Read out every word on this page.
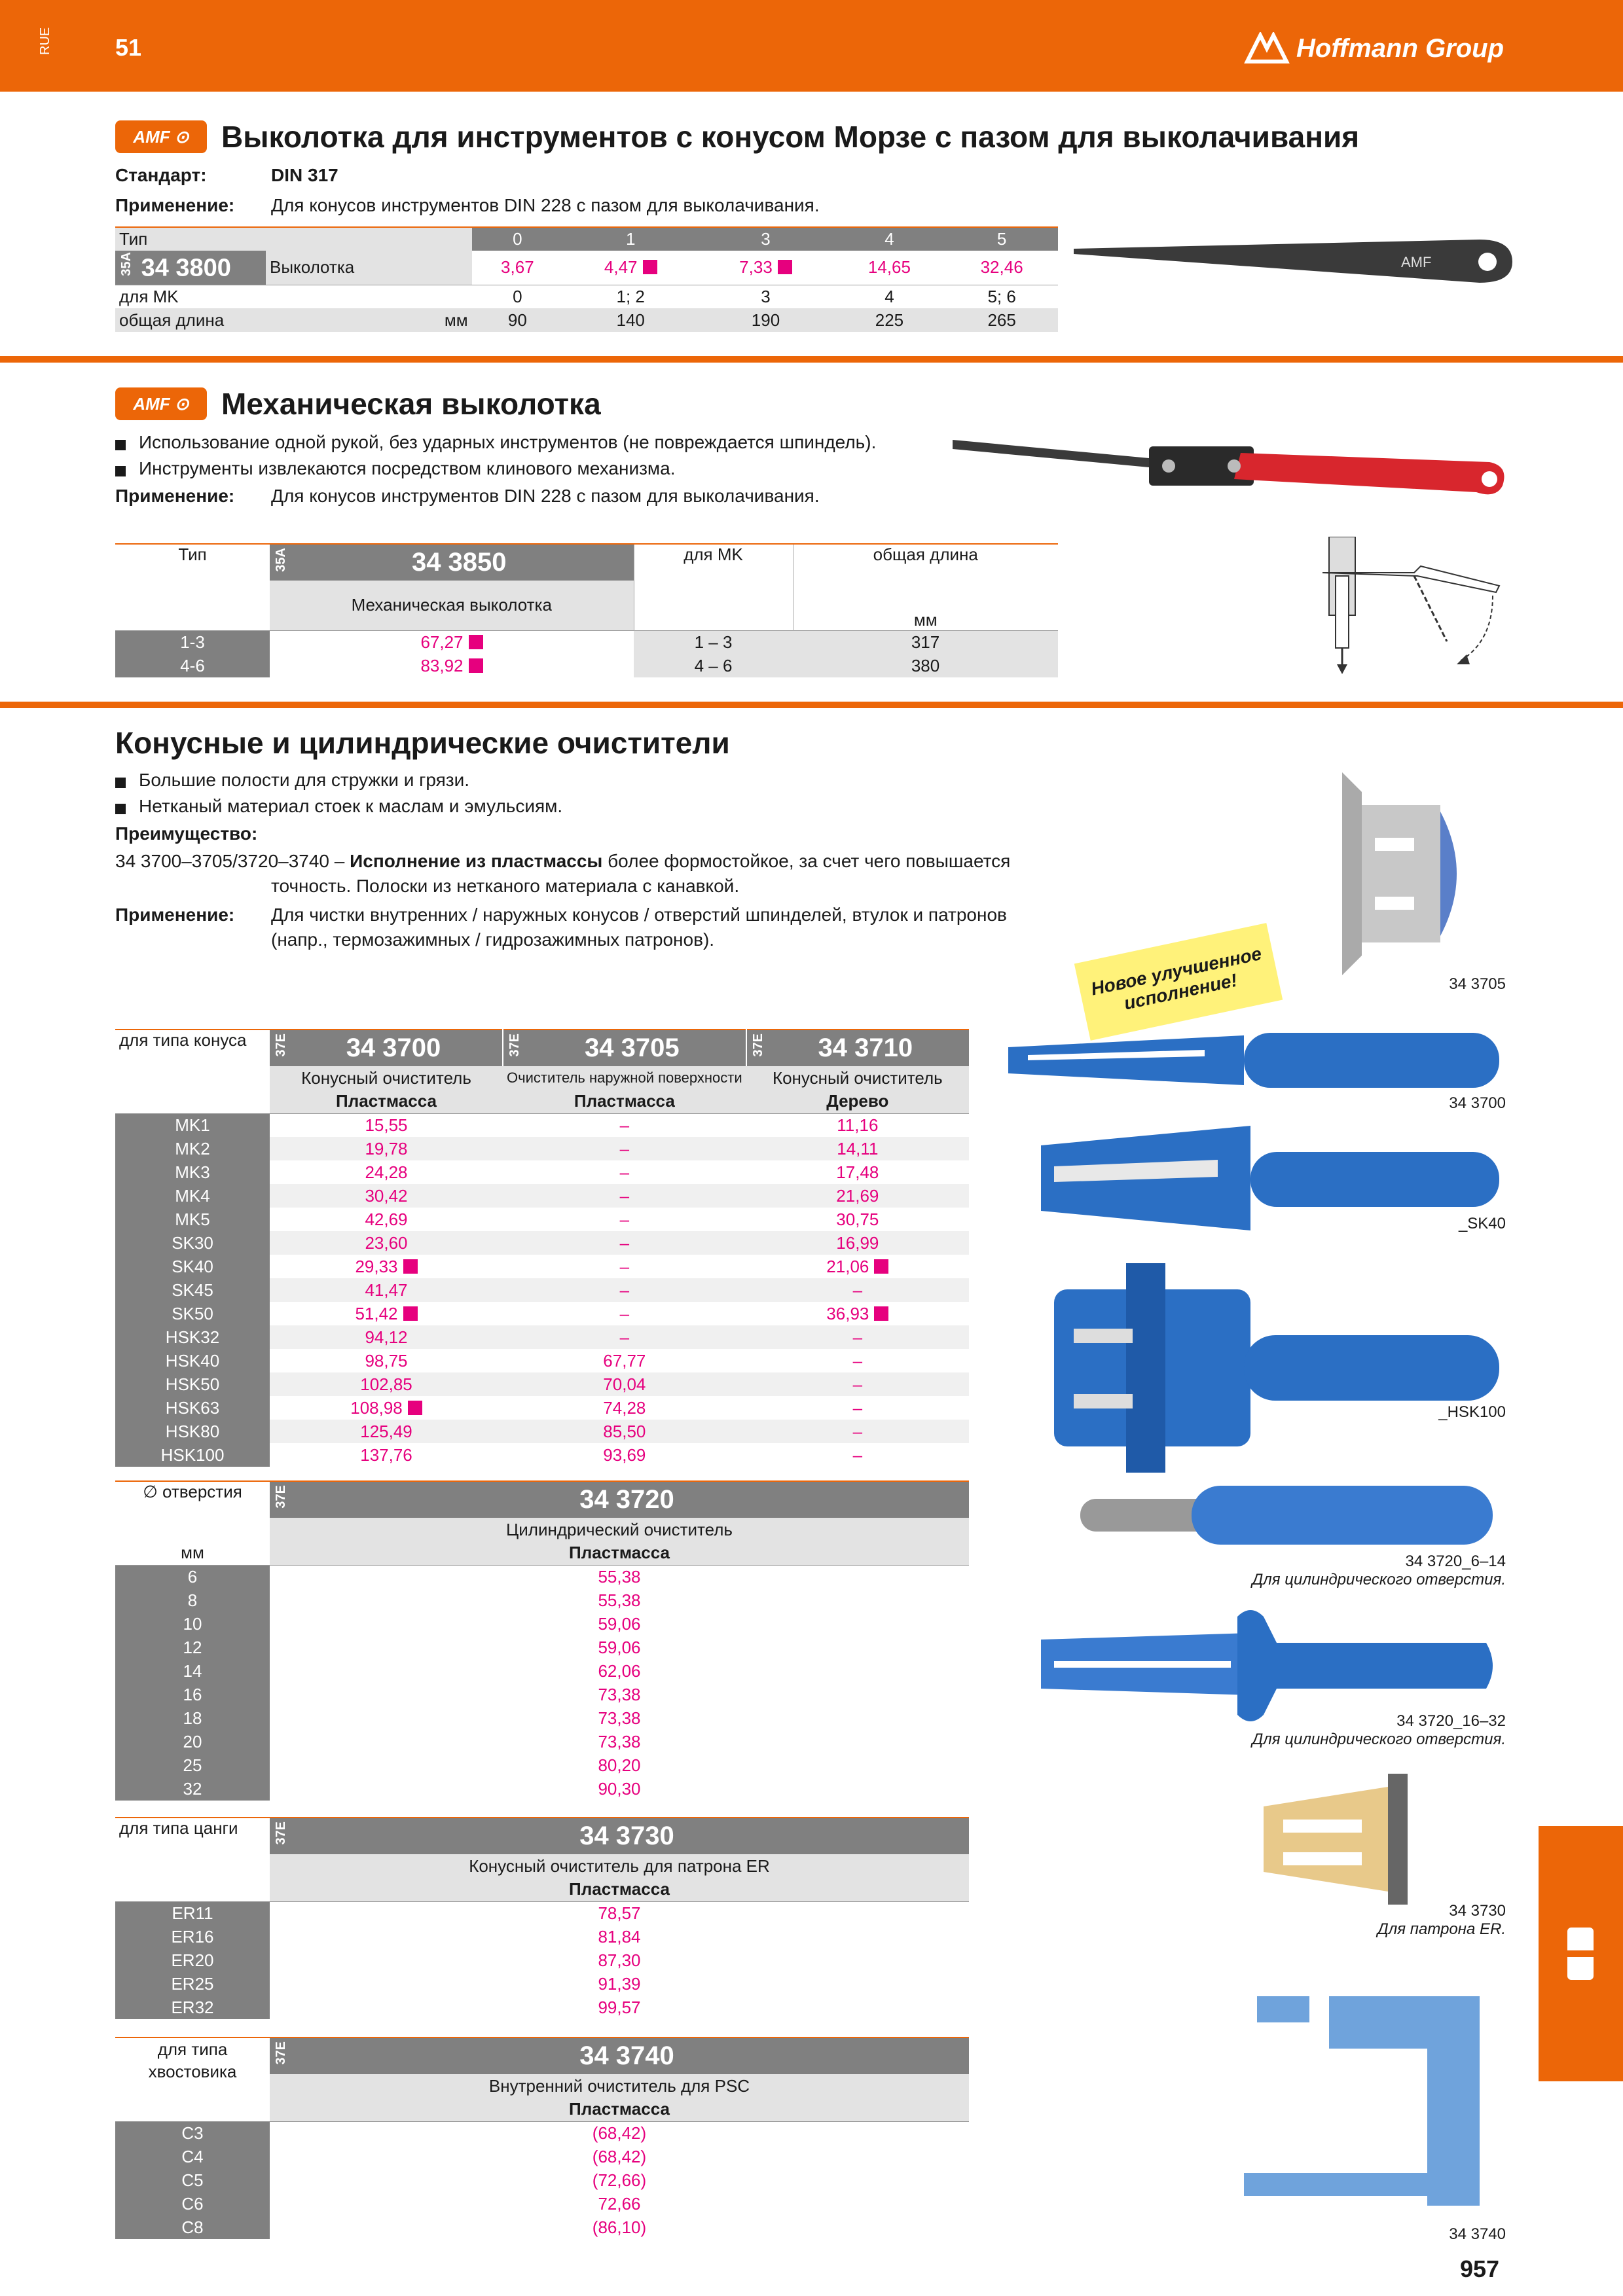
RUE	51	Hoffmann Group
AMF ⊙	Выколотка для инструментов с конусом Морзе с пазом для выколачивания
Стандарт:	DIN 317
Применение: Для конусов инструментов DIN 228 с пазом для выколачивания.
Тип		0	1	3	4	5
35A 34 3800	Выколотка	3,67	4,47	7,33	14,65	32,46
для MK		0	1; 2	3	4	5; 6
общая длина	мм	90	140	190	225	265
AMF
AMF ⊙	Механическая выколотка
Использование одной рукой, без ударных инструментов (не повреждается шпиндель).
Инструменты извлекаются посредством клинового механизма.
Применение: Для конусов инструментов DIN 228 с пазом для выколачивания.
Тип	35A 34 3850	для MK	общая длина
	Механическая выколотка		мм
1-3	67,27	1 – 3	317
4-6	83,92	4 – 6	380
Конусные и цилиндрические очистители
Большие полости для стружки и грязи.
Нетканый материал стоек к маслам и эмульсиям.
Преимущество:
34 3700–3705/3720–3740 – Исполнение из пластмассы более формостойкое, за счет чего повышается
точность. Полоски из нетканого материала с канавкой.
Применение: Для чистки внутренних / наружных конусов / отверстий шпинделей, втулок и патронов
(напр., термозажимных / гидрозажимных патронов).
Новое улучшенное исполнение!
для типа конуса	37E 34 3700	37E 34 3705	37E 34 3710
	Конусный очиститель	Очиститель наружной поверхности	Конусный очиститель
	Пластмасса	Пластмасса	Дерево
MK1	15,55	–	11,16
MK2	19,78	–	14,11
MK3	24,28	–	17,48
MK4	30,42	–	21,69
MK5	42,69	–	30,75
SK30	23,60	–	16,99
SK40	29,33	–	21,06
SK45	41,47	–	–
SK50	51,42	–	36,93
HSK32	94,12	–	–
HSK40	98,75	67,77	–
HSK50	102,85	70,04	–
HSK63	108,98	74,28	–
HSK80	125,49	85,50	–
HSK100	137,76	93,69	–
∅ отверстия	37E 34 3720
	Цилиндрический очиститель
мм	Пластмасса
6	55,38
8	55,38
10	59,06
12	59,06
14	62,06
16	73,38
18	73,38
20	73,38
25	80,20
32	90,30
для типа цанги	37E 34 3730
	Конусный очиститель для патрона ER
	Пластмасса
ER11	78,57
ER16	81,84
ER20	87,30
ER25	91,39
ER32	99,57
для типа
хвостовика	37E 34 3740
	Внутренний очиститель для PSC
	Пластмасса
C3	(68,42)
C4	(68,42)
C5	(72,66)
C6	72,66
C8	(86,10)
34 3705
34 3700
_SK40
_HSK100
34 3720_6–14
Для цилиндрического отверстия.
34 3720_16–32
Для цилиндрического отверстия.
34 3730
Для патрона ER.
34 3740
957
